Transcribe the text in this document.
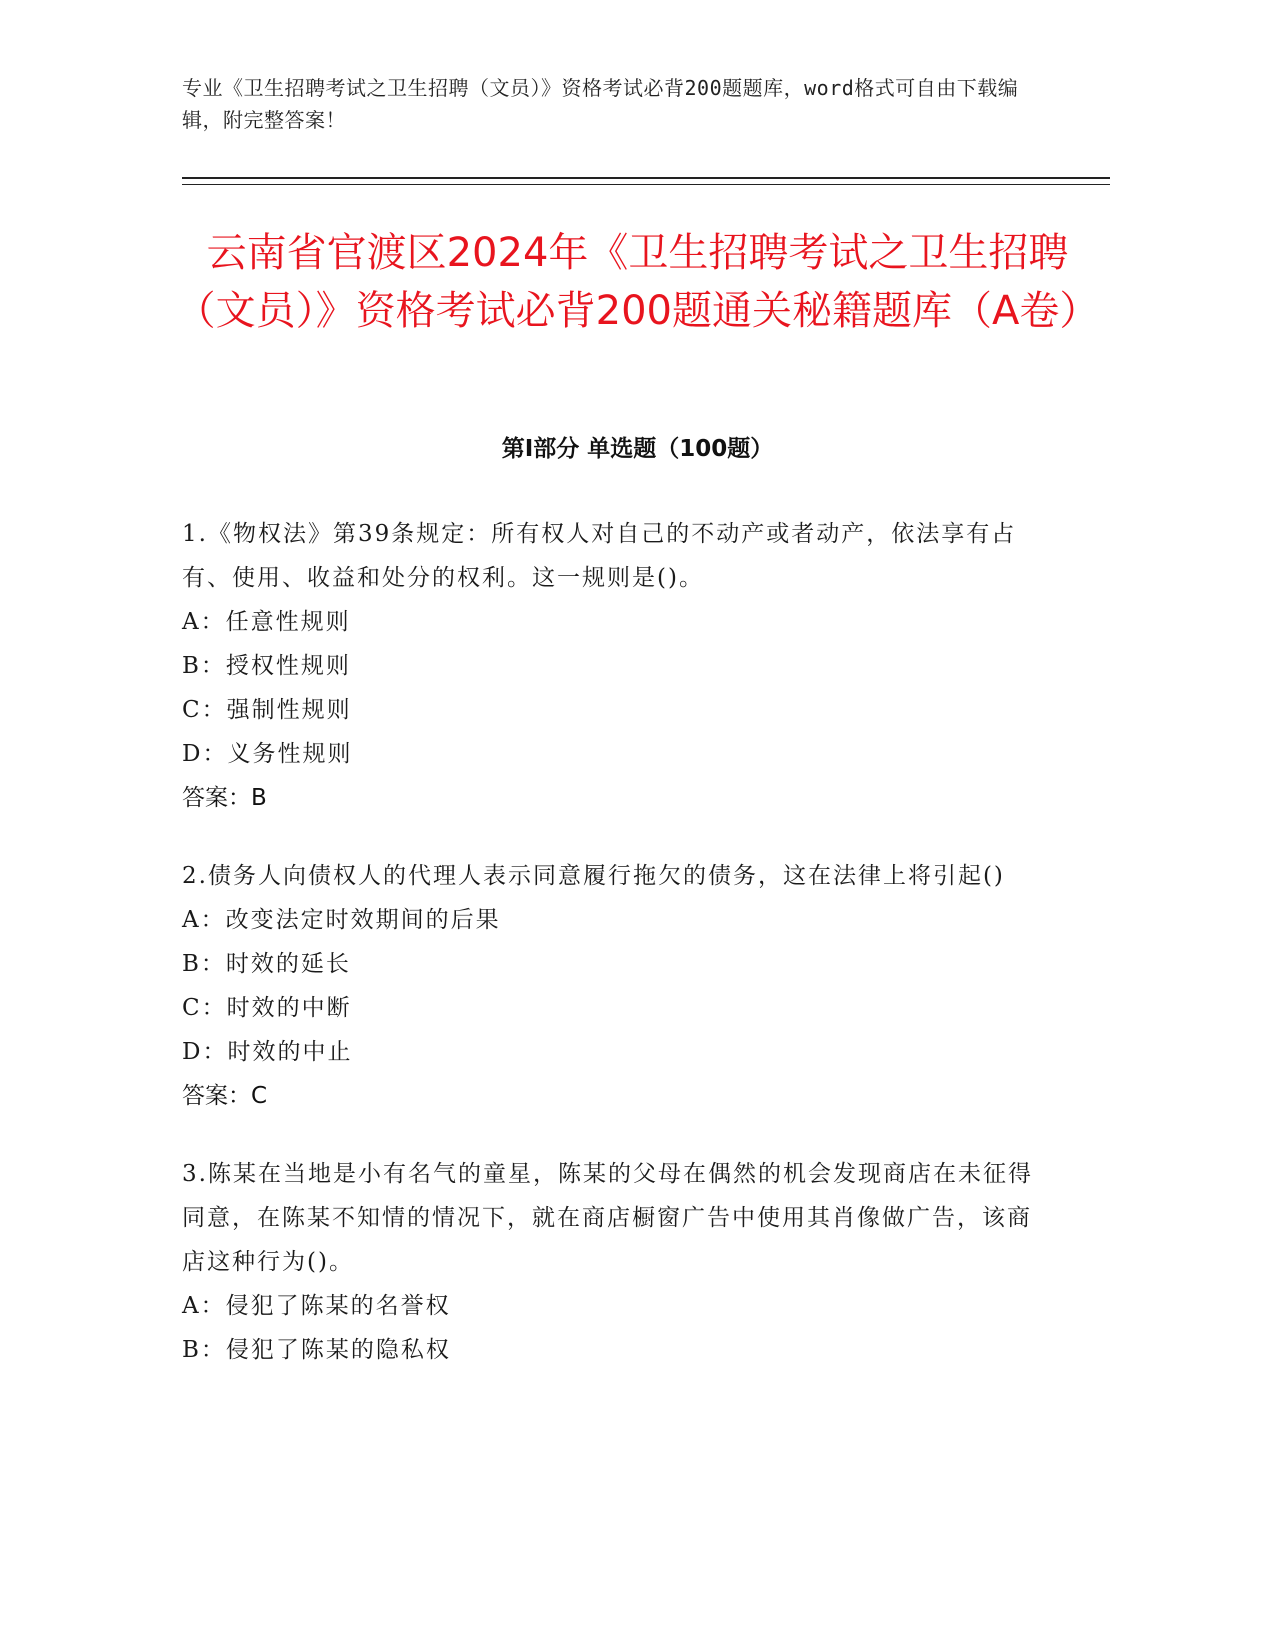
专业《卫生招聘考试之卫生招聘（文员）》资格考试必背200题题库，word格式可自由下载编辑，附完整答案！
云南省官渡区2024年《卫生招聘考试之卫生招聘（文员）》资格考试必背200题通关秘籍题库（A卷）
第Ⅰ部分 单选题（100题）

1.《物权法》第39条规定：所有权人对自己的不动产或者动产，依法享有占有、使用、收益和处分的权利。这一规则是()。

A：任意性规则

B：授权性规则

C：强制性规则

D：义务性规则

答案：B

2.债务人向债权人的代理人表示同意履行拖欠的债务，这在法律上将引起()

A：改变法定时效期间的后果

B：时效的延长

C：时效的中断

D：时效的中止

答案：C

3.陈某在当地是小有名气的童星，陈某的父母在偶然的机会发现商店在未征得同意，在陈某不知情的情况下，就在商店橱窗广告中使用其肖像做广告，该商店这种行为()。

A：侵犯了陈某的名誉权

B：侵犯了陈某的隐私权
